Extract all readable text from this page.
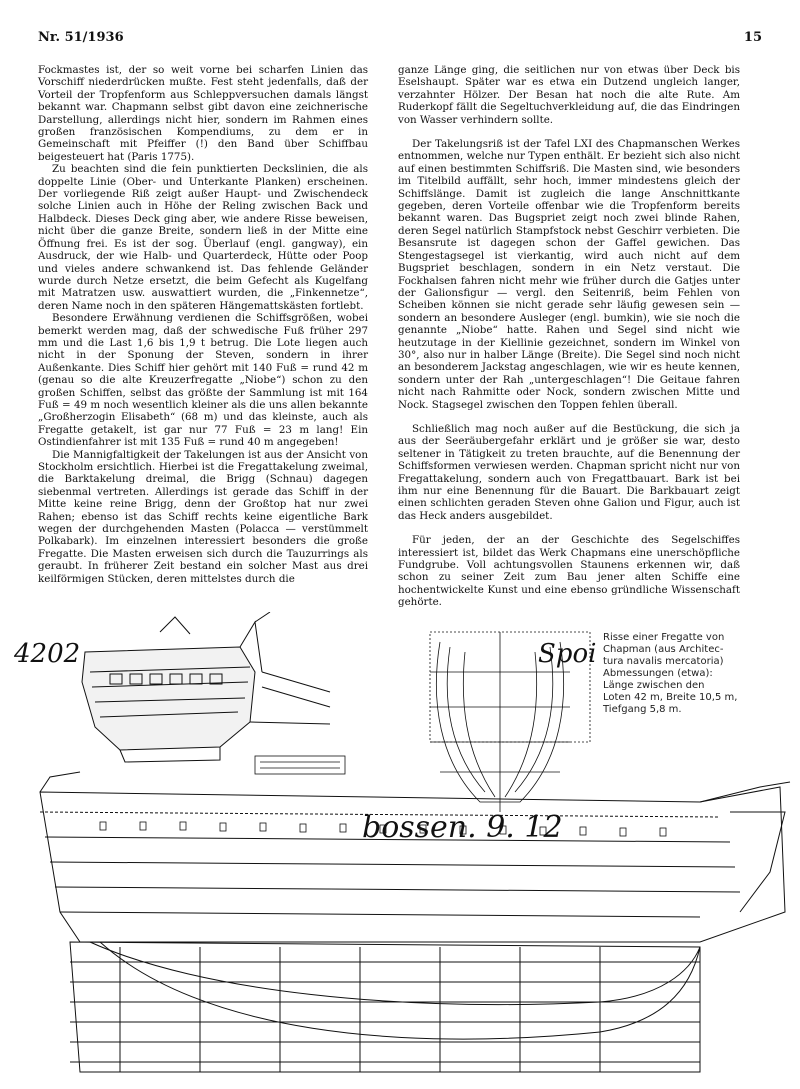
Nr. 51/1936	15

Fockmastes ist, der so weit vorne bei scharfen Linien das Vorschiff niederdrücken mußte. Fest steht jedenfalls, daß der Vorteil der Tropfenform aus Schleppversuchen damals längst bekannt war. Chapmann selbst gibt davon eine zeichnerische Darstellung, allerdings nicht hier, sondern im Rahmen eines großen französischen Kompendiums, zu dem er in Gemeinschaft mit Pfeiffer (!) den Band über Schiffbau beigesteuert hat (Paris 1775).

Zu beachten sind die fein punktierten Deckslinien, die als doppelte Linie (Ober- und Unterkante Planken) erscheinen. Der vorliegende Riß zeigt außer Haupt- und Zwischendeck solche Linien auch in Höhe der Reling zwischen Back und Halbdeck. Dieses Deck ging aber, wie andere Risse beweisen, nicht über die ganze Breite, sondern ließ in der Mitte eine Öffnung frei. Es ist der sog. Überlauf (engl. gangway), ein Ausdruck, der wie Halb- und Quarterdeck, Hütte oder Poop und vieles andere schwankend ist. Das fehlende Geländer wurde durch Netze ersetzt, die beim Gefecht als Kugelfang mit Matratzen usw. auswattiert wurden, die „Finkennetze“, deren Name noch in den späteren Hängemattskästen fortlebt.

Besondere Erwähnung verdienen die Schiffsgrößen, wobei bemerkt werden mag, daß der schwedische Fuß früher 297 mm und die Last 1,6 bis 1,9 t betrug. Die Lote liegen auch nicht in der Sponung der Steven, sondern in ihrer Außenkante. Dies Schiff hier gehört mit 140 Fuß = rund 42 m (genau so die alte Kreuzerfregatte „Niobe“) schon zu den großen Schiffen, selbst das größte der Sammlung ist mit 164 Fuß = 49 m noch wesentlich kleiner als die uns allen bekannte „Großherzogin Elisabeth“ (68 m) und das kleinste, auch als Fregatte getakelt, ist gar nur 77 Fuß = 23 m lang! Ein Ostindienfahrer ist mit 135 Fuß = rund 40 m angegeben!

Die Mannigfaltigkeit der Takelungen ist aus der Ansicht von Stockholm ersichtlich. Hierbei ist die Fregattakelung zweimal, die Barktakelung dreimal, die Brigg (Schnau) dagegen siebenmal vertreten. Allerdings ist gerade das Schiff in der Mitte keine reine Brigg, denn der Großtop hat nur zwei Rahen; ebenso ist das Schiff rechts keine eigentliche Bark wegen der durchgehenden Masten (Polacca — verstümmelt Polkabark). Im einzelnen interessiert besonders die große Fregatte. Die Masten erweisen sich durch die Tauzurrings als geraubt. In früherer Zeit bestand ein solcher Mast aus drei keilförmigen Stücken, deren mittelstes durch die

ganze Länge ging, die seitlichen nur von etwas über Deck bis Eselshaupt. Später war es etwa ein Dutzend ungleich langer, verzahnter Hölzer. Der Besan hat noch die alte Rute. Am Ruderkopf fällt die Segeltuchverkleidung auf, die das Eindringen von Wasser verhindern sollte.

Der Takelungsriß ist der Tafel LXI des Chapmanschen Werkes entnommen, welche nur Typen enthält. Er bezieht sich also nicht auf einen bestimmten Schiffsriß. Die Masten sind, wie besonders im Titelbild auffällt, sehr hoch, immer mindestens gleich der Schiffslänge. Damit ist zugleich die lange Anschnittkante gegeben, deren Vorteile offenbar wie die Tropfenform bereits bekannt waren. Das Bugspriet zeigt noch zwei blinde Rahen, deren Segel natürlich Stampfstock nebst Geschirr verbieten. Die Besansrute ist dagegen schon der Gaffel gewichen. Das Stengestagsegel ist vierkantig, wird auch nicht auf dem Bugspriet beschlagen, sondern in ein Netz verstaut. Die Fockhalsen fahren nicht mehr wie früher durch die Gatjes unter der Galionsfigur — vergl. den Seitenriß, beim Fehlen von Scheiben können sie nicht gerade sehr läufig gewesen sein — sondern an besondere Ausleger (engl. bumkin), wie sie noch die genannte „Niobe“ hatte. Rahen und Segel sind nicht wie heutzutage in der Kiellinie gezeichnet, sondern im Winkel von 30°, also nur in halber Länge (Breite). Die Segel sind noch nicht an besonderem Jackstag angeschlagen, wie wir es heute kennen, sondern unter der Rah „untergeschlagen“! Die Geitaue fahren nicht nach Rahmitte oder Nock, sondern zwischen Mitte und Nock. Stagsegel zwischen den Toppen fehlen überall.

Schließlich mag noch außer auf die Bestückung, die sich ja aus der Seeräubergefahr erklärt und je größer sie war, desto seltener in Tätigkeit zu treten brauchte, auf die Benennung der Schiffsformen verwiesen werden. Chapman spricht nicht nur von Fregattakelung, sondern auch von Fregattbauart. Bark ist bei ihm nur eine Benennung für die Bauart. Die Barkbauart zeigt einen schlichten geraden Steven ohne Galion und Figur, auch ist das Heck anders ausgebildet.

Für jeden, der an der Geschichte des Segelschiffes interessiert ist, bildet das Werk Chapmans eine unerschöpfliche Fundgrube. Voll achtungsvollen Staunens erkennen wir, daß schon zu seiner Zeit zum Bau jener alten Schiffe eine hochentwickelte Kunst und eine ebenso gründliche Wissenschaft gehörte.

Risse einer Fregatte von
Chapman (aus Architec-
tura navalis mercatoria)
Abmessungen (etwa):
Länge zwischen den
Loten 42 m, Breite 10,5 m,
Tiefgang 5,8 m.
4202	Spoi
bossen. 9. 12
